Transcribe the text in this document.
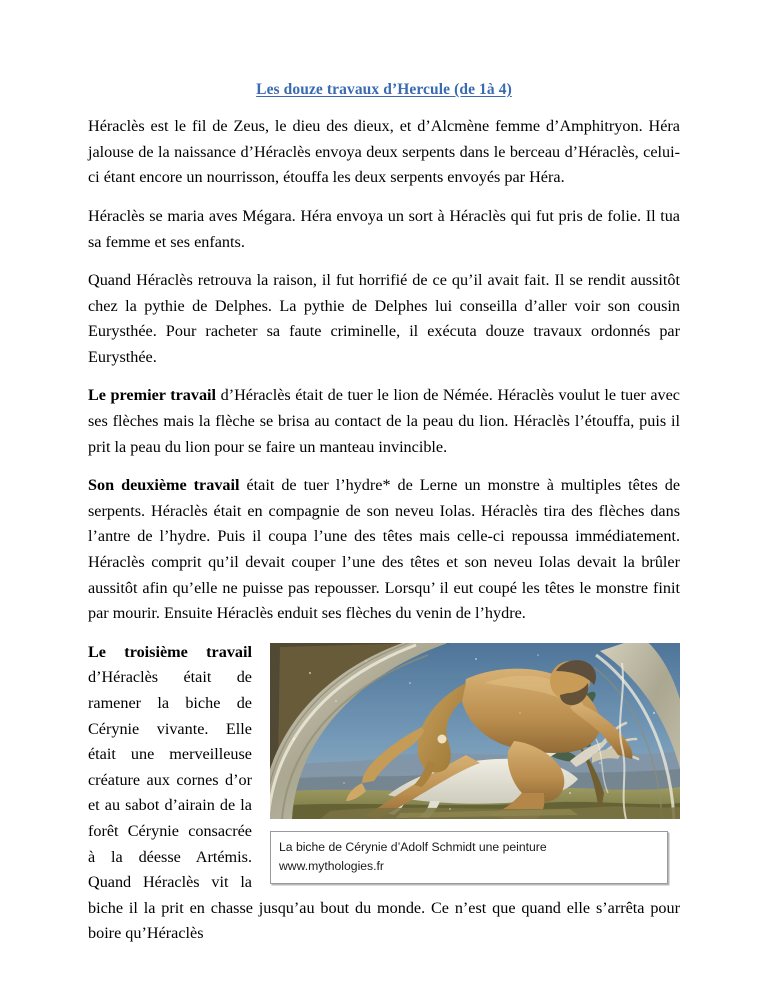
Les douze travaux d’Hercule (de 1à 4)

Héraclès est le fil de Zeus, le dieu des dieux, et d’Alcmène femme d’Amphitryon. Héra jalouse de la naissance d’Héraclès envoya deux serpents dans le berceau d’Héraclès, celui-ci étant encore un nourrisson, étouffa les deux serpents envoyés par Héra.

Héraclès se maria aves Mégara. Héra envoya un sort à Héraclès qui fut pris de folie. Il tua sa femme et ses enfants.

Quand Héraclès retrouva la raison, il fut horrifié de ce qu’il avait fait. Il se rendit aussitôt chez la pythie de Delphes. La pythie de Delphes lui conseilla d’aller voir son cousin Eurysthée. Pour racheter sa faute criminelle, il exécuta douze travaux ordonnés par Eurysthée.

Le premier travail d’Héraclès était de tuer le lion de Némée. Héraclès voulut le tuer avec ses flèches mais la flèche se brisa au contact de la peau du lion. Héraclès l’étouffa, puis il prit la peau du lion pour se faire un manteau invincible.

Son deuxième travail était de tuer l’hydre* de Lerne un monstre à multiples têtes de serpents. Héraclès était en compagnie de son neveu Iolas. Héraclès tira des flèches dans l’antre de l’hydre. Puis il coupa l’une des têtes mais celle-ci repoussa immédiatement. Héraclès comprit qu’il devait couper l’une des têtes et son neveu Iolas devait la brûler aussitôt afin qu’elle ne puisse pas repousser. Lorsqu’ il eut coupé les têtes le monstre finit par mourir. Ensuite Héraclès enduit ses flèches du venin de l’hydre.

La biche de Cérynie d’Adolf Schmidt une peinture
www.mythologies.fr

Le troisième travail d’Héraclès était de ramener la biche de Cérynie vivante. Elle était une merveilleuse créature aux cornes d’or et au sabot d’airain de la forêt Cérynie consacrée à la déesse Artémis. Quand Héraclès vit la biche il la prit en chasse jusqu’au bout du monde. Ce n’est que quand elle s’arrêta pour boire qu’Héraclès
